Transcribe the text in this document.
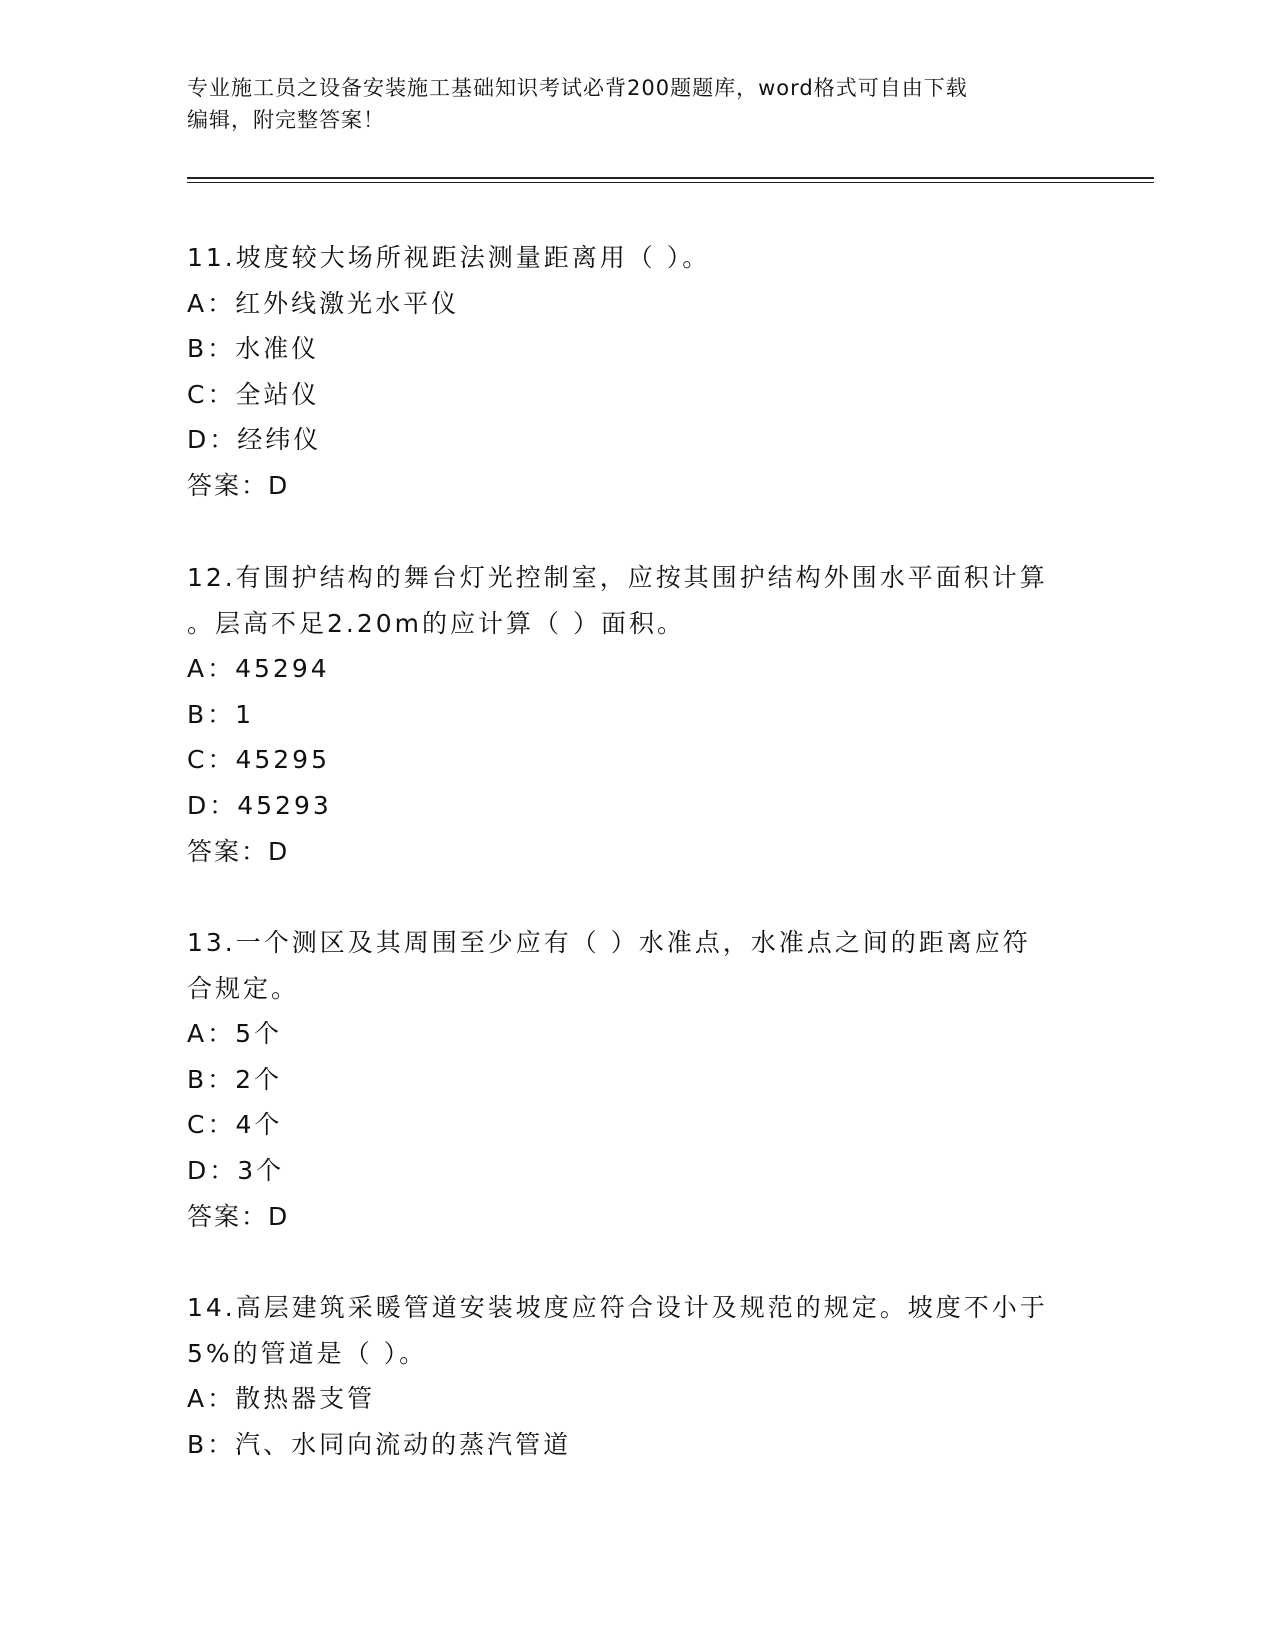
专业施工员之设备安装施工基础知识考试必背200题题库，word格式可自由下载
编辑，附完整答案！
11.坡度较大场所视距法测量距离用（ ）。
A：红外线激光水平仪
B：水准仪
C：全站仪
D：经纬仪
答案：D
12.有围护结构的舞台灯光控制室，应按其围护结构外围水平面积计算
。层高不足2.20m的应计算（ ）面积。
A：45294
B：1
C：45295
D：45293
答案：D
13.一个测区及其周围至少应有（ ）水准点，水准点之间的距离应符
合规定。
A：5个
B：2个
C：4个
D：3个
答案：D
14.高层建筑采暖管道安装坡度应符合设计及规范的规定。坡度不小于
5%的管道是（ ）。
A：散热器支管
B：汽、水同向流动的蒸汽管道
